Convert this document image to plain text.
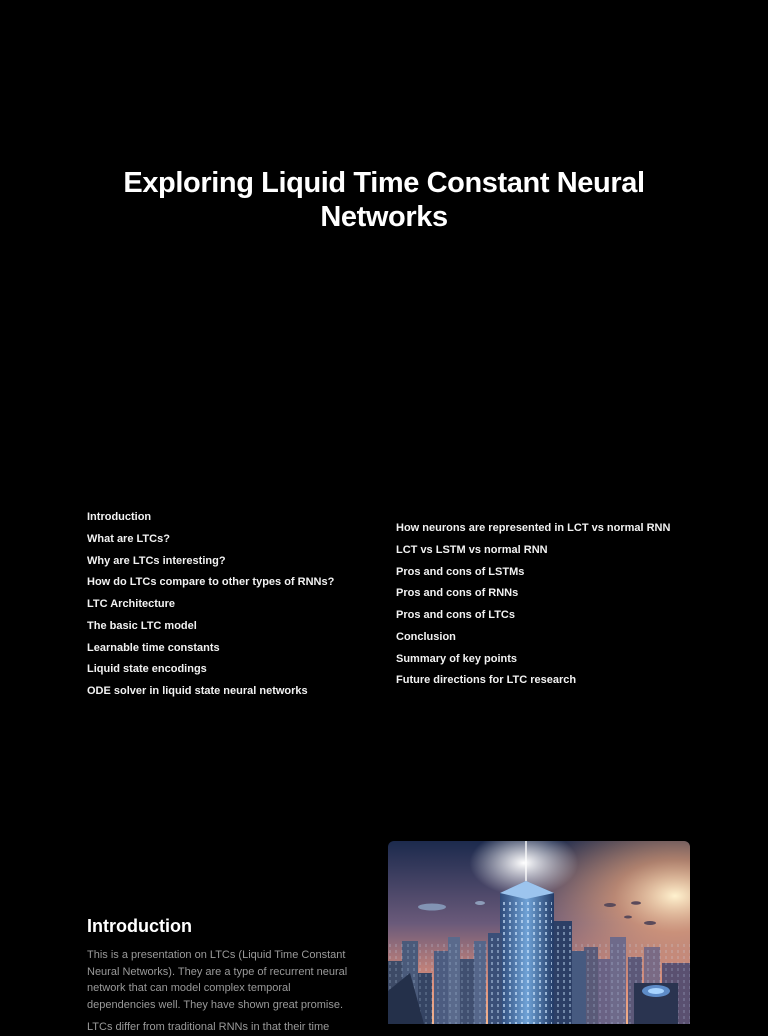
Exploring Liquid Time Constant Neural Networks
Introduction
What are LTCs?
Why are LTCs interesting?
How do LTCs compare to other types of RNNs?
LTC Architecture
The basic LTC model
Learnable time constants
Liquid state encodings
ODE solver in liquid state neural networks
How neurons are represented in LCT vs normal RNN
LCT vs LSTM vs normal RNN
Pros and cons of LSTMs
Pros and cons of RNNs
Pros and cons of LTCs
Conclusion
Summary of key points
Future directions for LTC research
Introduction

This is a presentation on LTCs (Liquid Time Constant
Neural Networks). They are a type of recurrent neural
network that can model complex temporal
dependencies well. They have shown great promise.
LTCs differ from traditional RNNs in that their time
